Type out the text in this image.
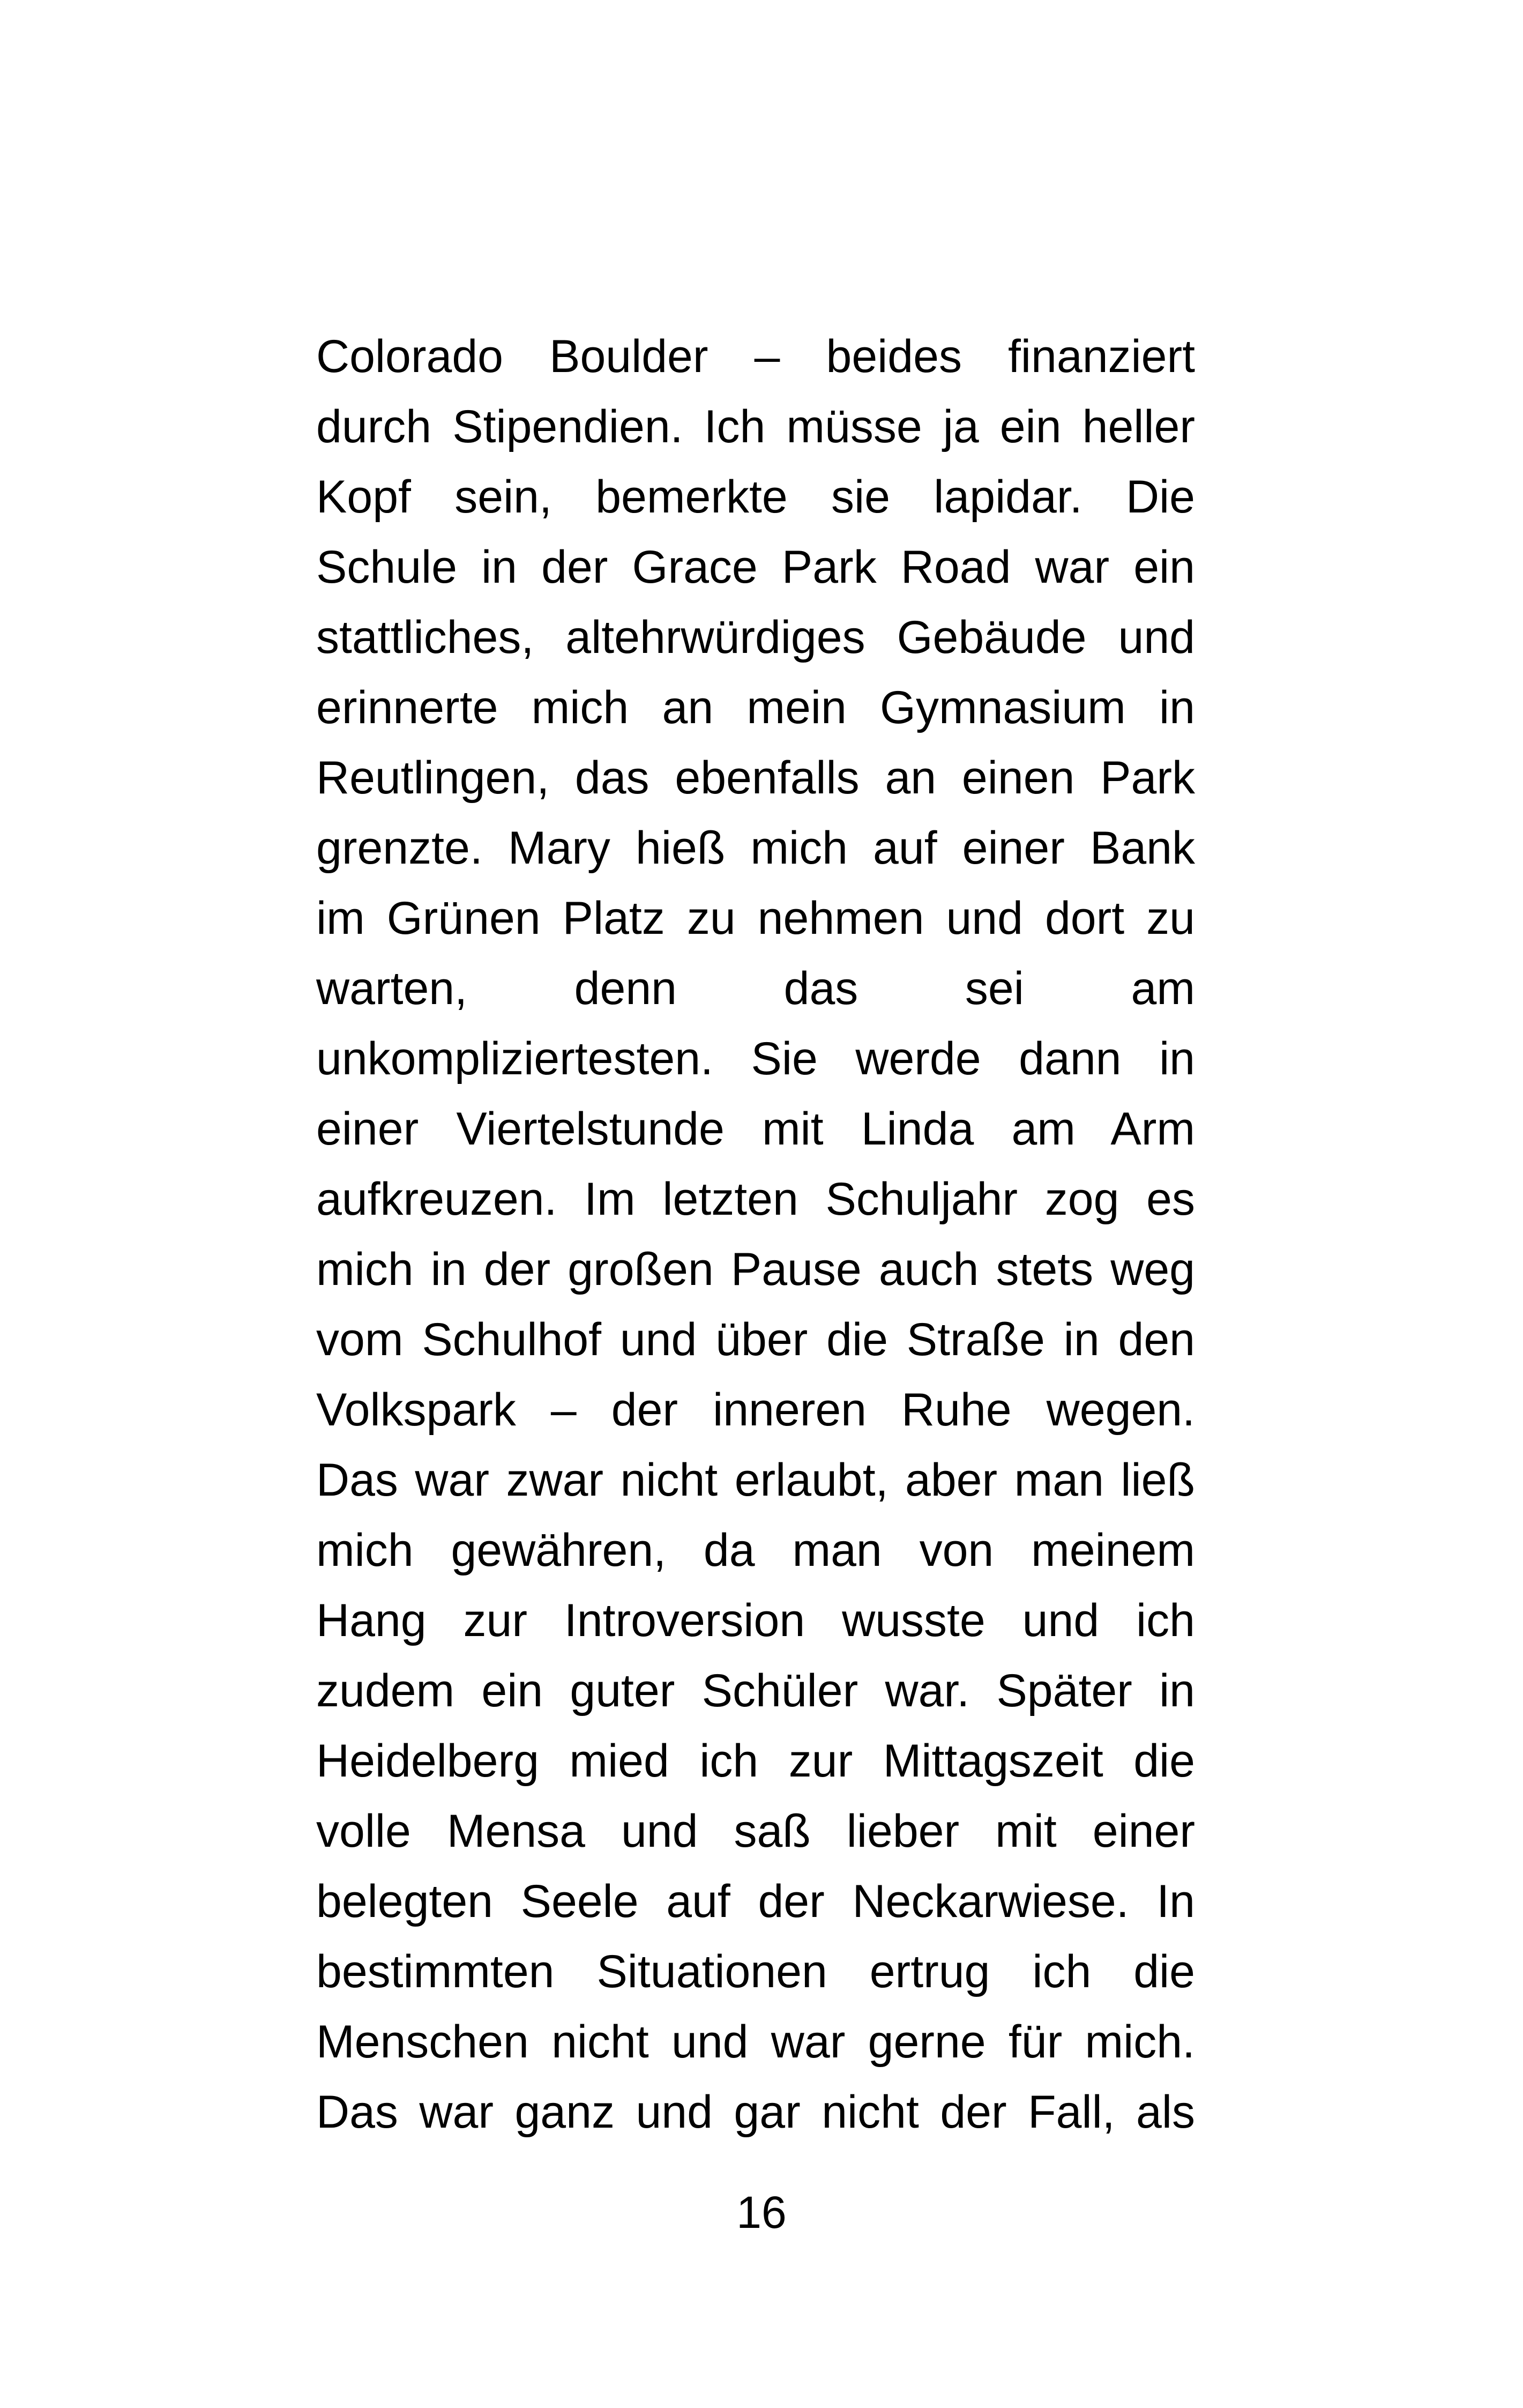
Colorado Boulder – beides finanziert
durch Stipendien. Ich müsse ja ein heller
Kopf sein, bemerkte sie lapidar. Die
Schule in der Grace Park Road war ein
stattliches, altehrwürdiges Gebäude und
erinnerte mich an mein Gymnasium in
Reutlingen, das ebenfalls an einen Park
grenzte. Mary hieß mich auf einer Bank
im Grünen Platz zu nehmen und dort zu
warten, denn das sei am
unkompliziertesten. Sie werde dann in
einer Viertelstunde mit Linda am Arm
aufkreuzen. Im letzten Schuljahr zog es
mich in der großen Pause auch stets weg
vom Schulhof und über die Straße in den
Volkspark – der inneren Ruhe wegen.
Das war zwar nicht erlaubt, aber man ließ
mich gewähren, da man von meinem
Hang zur Introversion wusste und ich
zudem ein guter Schüler war. Später in
Heidelberg mied ich zur Mittagszeit die
volle Mensa und saß lieber mit einer
belegten Seele auf der Neckarwiese. In
bestimmten Situationen ertrug ich die
Menschen nicht und war gerne für mich.
Das war ganz und gar nicht der Fall, als
16
